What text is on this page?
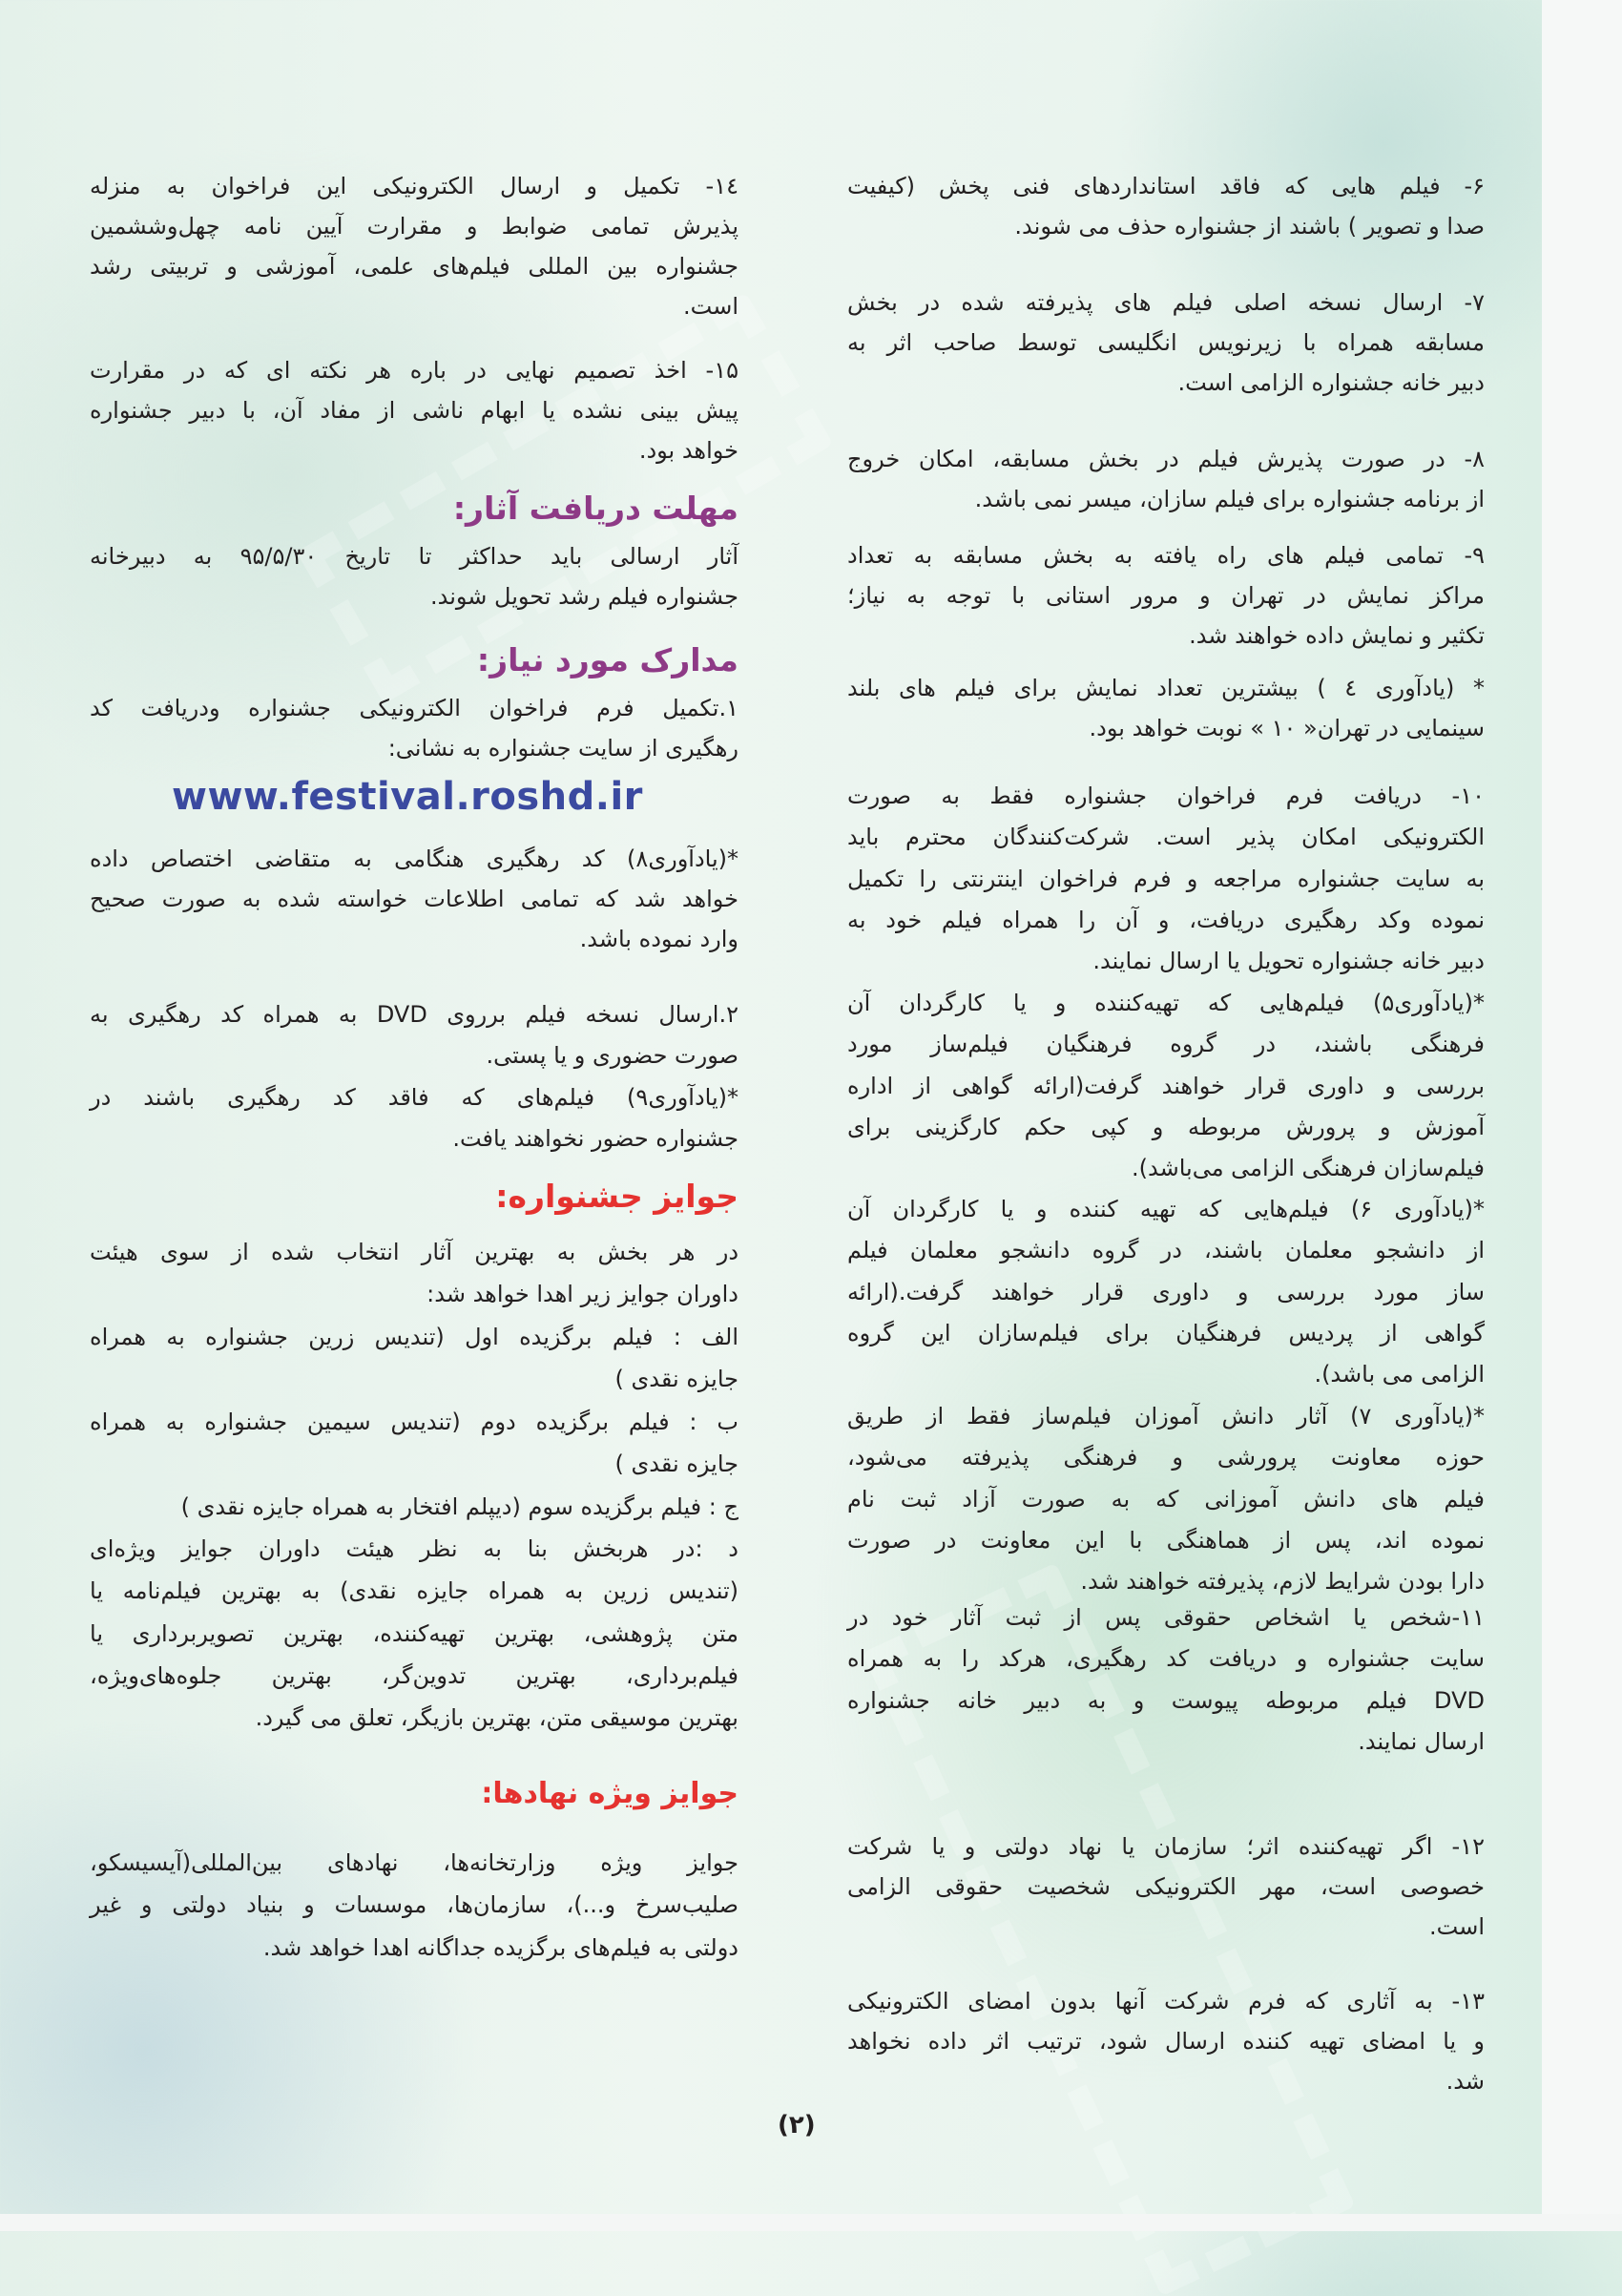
۶- فیلم هایی که فاقد استانداردهای فنی پخش (کیفیت
صدا و تصویر ) باشند از جشنواره حذف می شوند.
۷- ارسال نسخه اصلی فیلم های پذیرفته شده در بخش
مسابقه همراه با زیرنویس انگلیسی توسط صاحب اثر به
دبیر خانه جشنواره الزامی است.
۸- در صورت پذیرش فیلم در بخش مسابقه، امکان خروج
از برنامه جشنواره برای فیلم سازان، میسر نمی باشد.
۹- تمامی فیلم های راه یافته به بخش مسابقه به تعداد
مراکز نمایش در تهران و مرور استانی با توجه به نیاز؛
تکثیر و نمایش داده خواهند شد.
* (یادآوری ٤ ) بیشترین تعداد نمایش برای فیلم های بلند
سینمایی در تهران« ۱۰ » نوبت خواهد بود.
۱۰- دریافت فرم فراخوان جشنواره فقط به صورت
الکترونیکی امکان پذیر است. شرکت‌کنندگان محترم باید
به سایت جشنواره مراجعه و فرم فراخوان اینترنتی را تکمیل
نموده وکد رهگیری دریافت، و آن را همراه فیلم خود به
دبیر خانه جشنواره تحویل یا ارسال نمایند.
*(یادآوری۵) فیلم‌هایی که تهیه‌کننده و یا کارگردان آن
فرهنگی باشند، در گروه فرهنگیان فیلم‌ساز مورد
بررسی و داوری قرار خواهند گرفت(ارائه گواهی از اداره
آموزش و پرورش مربوطه و کپی حکم کارگزینی برای
فیلم‌سازان فرهنگی الزامی می‌باشد).
*(یادآوری ۶) فیلم‌هایی که تهیه کننده و یا کارگردان آن
از دانشجو معلمان باشند، در گروه دانشجو معلمان فیلم
ساز مورد بررسی و داوری قرار خواهند گرفت.(ارائه
گواهی از پردیس فرهنگیان برای فیلم‌سازان این گروه
الزامی می باشد).
*(یادآوری ۷) آثار دانش آموزان فیلم‌ساز فقط از طریق
حوزه معاونت پرورشی و فرهنگی پذیرفته می‌شود،
فیلم های دانش آموزانی که به صورت آزاد ثبت نام
نموده اند، پس از هماهنگی با این معاونت در صورت
دارا بودن شرایط لازم، پذیرفته خواهند شد.
۱۱-شخص یا اشخاص حقوقی پس از ثبت آثار خود در
سایت جشنواره و دریافت کد رهگیری، هرکد را به همراه
DVD فیلم مربوطه پیوست و به دبیر خانه جشنواره
ارسال نمایند.
۱۲- اگر تهیه‌کننده اثر؛ سازمان یا نهاد دولتی و یا شرکت
خصوصی است، مهر الکترونیکی شخصیت حقوقی الزامی
است.
۱۳- به آثاری که فرم شرکت آنها بدون امضای الکترونیکی
و یا امضای تهیه کننده ارسال شود، ترتیب اثر داده نخواهد
شد.
١٤- تکمیل و ارسال الکترونیکی این فراخوان به منزله
پذیرش تمامی ضوابط و مقرارت آیین نامه چهل‌وششمین
جشنواره بین المللی فیلم‌های علمی، آموزشی و تربیتی رشد
است.
۱۵- اخذ تصمیم نهایی در باره هر نکته ای که در مقرارت
پیش بینی نشده یا ابهام ناشی از مفاد آن، با دبیر جشنواره
خواهد بود.
مهلت دریافت آثار:
آثار ارسالی باید حداکثر تا تاریخ ۹۵/۵/۳۰ به دبیرخانه
جشنواره فیلم رشد تحویل شوند.
مدارک مورد نیاز:
۱.تکمیل فرم فراخوان الکترونیکی جشنواره ودریافت کد
رهگیری از سایت جشنواره به نشانی:
www.festival.roshd.ir
*(یادآوری۸) کد رهگیری هنگامی به متقاضی اختصاص داده
خواهد شد که تمامی اطلاعات خواسته شده به صورت صحیح
وارد نموده باشد.
۲.ارسال نسخه فیلم برروی DVD به همراه کد رهگیری به
صورت حضوری و یا پستی.
*(یادآوری۹) فیلم‌های که فاقد کد رهگیری باشند در
جشنواره حضور نخواهند یافت.
جوایز جشنواره:
در هر بخش به بهترین آثار انتخاب شده از سوی هیئت
داوران جوایز زیر اهدا خواهد شد:
الف : فیلم برگزیده اول (تندیس زرین جشنواره به همراه
جایزه نقدی )
ب : فیلم برگزیده دوم (تندیس سیمین جشنواره به همراه
جایزه نقدی )
ج : فیلم برگزیده سوم (دیپلم افتخار به همراه جایزه نقدی )
د :در هربخش بنا به نظر هیئت داوران جوایز ویژه‌ای
(تندیس زرین به همراه جایزه نقدی) به بهترین فیلم‌نامه یا
متن پژوهشی، بهترین تهیه‌کننده، بهترین تصویربرداری یا
فیلم‌برداری، بهترین تدوین‌گر، بهترین جلوه‌های‌ویژه،
بهترین موسیقی متن، بهترین بازیگر، تعلق می گیرد.
جوایز ویژه نهادها:
جوایز ویژه وزارتخانه‌ها، نهادهای بین‌المللی(آیسیسکو،
صلیب‌سرخ و...)، سازمان‌ها، موسسات و بنیاد دولتی و غیر
دولتی به فیلم‌های برگزیده جداگانه اهدا خواهد شد.
(۲)
